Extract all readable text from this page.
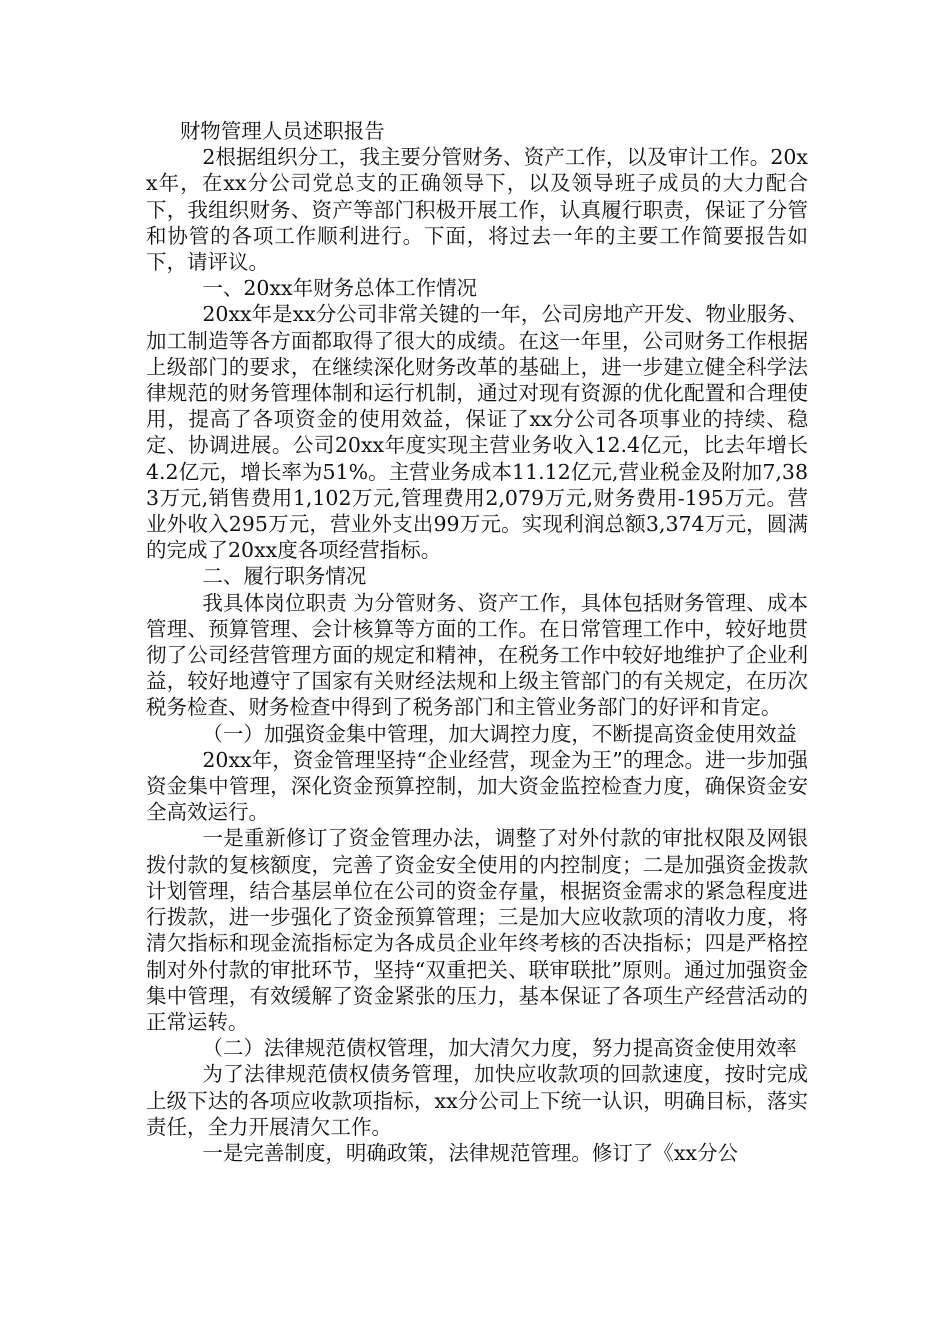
财物管理人员述职报告

2根据组织分工，我主要分管财务、资产工作，以及审计工作。20xx年，在xx分公司党总支的正确领导下，以及领导班子成员的大力配合下，我组织财务、资产等部门积极开展工作，认真履行职责，保证了分管和协管的各项工作顺利进行。下面，将过去一年的主要工作简要报告如下，请评议。

一、20xx年财务总体工作情况

20xx年是xx分公司非常关键的一年，公司房地产开发、物业服务、加工制造等各方面都取得了很大的成绩。在这一年里，公司财务工作根据上级部门的要求，在继续深化财务改革的基础上，进一步建立健全科学法律规范的财务管理体制和运行机制，通过对现有资源的优化配置和合理使用，提高了各项资金的使用效益，保证了xx分公司各项事业的持续、稳定、协调进展。公司20xx年度实现主营业务收入12.4亿元，比去年增长4.2亿元，增长率为51%。主营业务成本11.12亿元,营业税金及附加7,383万元,销售费用1,102万元,管理费用2,079万元,财务费用-195万元。营业外收入295万元，营业外支出99万元。实现利润总额3,374万元，圆满的完成了20xx度各项经营指标。

二、履行职务情况

我具体岗位职责 为分管财务、资产工作，具体包括财务管理、成本管理、预算管理、会计核算等方面的工作。在日常管理工作中，较好地贯彻了公司经营管理方面的规定和精神，在税务工作中较好地维护了企业利益，较好地遵守了国家有关财经法规和上级主管部门的有关规定，在历次税务检查、财务检查中得到了税务部门和主管业务部门的好评和肯定。

（一）加强资金集中管理，加大调控力度，不断提高资金使用效益

20xx年，资金管理坚持“企业经营，现金为王”的理念。进一步加强资金集中管理，深化资金预算控制，加大资金监控检查力度，确保资金安全高效运行。

一是重新修订了资金管理办法，调整了对外付款的审批权限及网银拨付款的复核额度，完善了资金安全使用的内控制度；二是加强资金拨款计划管理，结合基层单位在公司的资金存量，根据资金需求的紧急程度进行拨款，进一步强化了资金预算管理；三是加大应收款项的清收力度，将清欠指标和现金流指标定为各成员企业年终考核的否决指标；四是严格控制对外付款的审批环节，坚持“双重把关、联审联批”原则。通过加强资金集中管理，有效缓解了资金紧张的压力，基本保证了各项生产经营活动的正常运转。

（二）法律规范债权管理，加大清欠力度，努力提高资金使用效率

为了法律规范债权债务管理，加快应收款项的回款速度，按时完成上级下达的各项应收款项指标，xx分公司上下统一认识，明确目标，落实责任，全力开展清欠工作。

一是完善制度，明确政策，法律规范管理。修订了《xx分公
